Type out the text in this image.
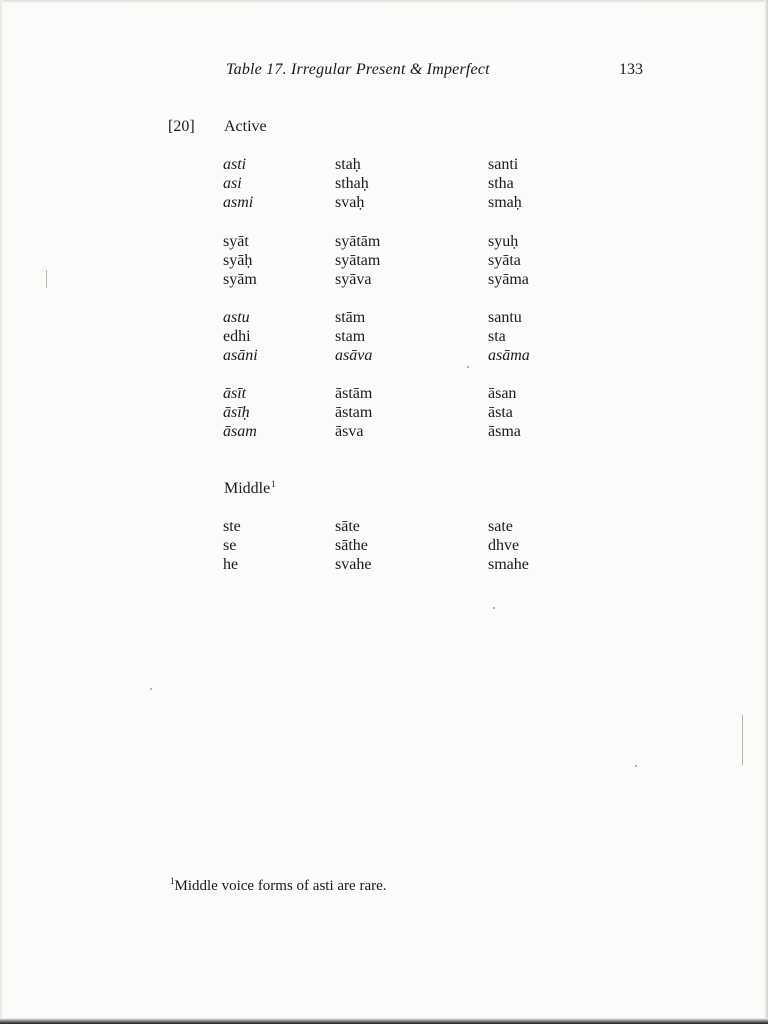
Table 17. Irregular Present & Imperfect	133
[20] Active
asti	staḥ	santi
asi	sthaḥ	stha
asmi	svaḥ	smaḥ
syāt	syātām	syuḥ
syāḥ	syātam	syāta
syām	syāva	syāma
astu	stām	santu
edhi	stam	sta
asāni	asāva	asāma
āsīt	āstām	āsan
āsīḥ	āstam	āsta
āsam	āsva	āsma
Middle$^1$
ste	sāte	sate
se	sāthe	dhve
he	svahe	smahe
$^1$Middle voice forms of asti are rare.
